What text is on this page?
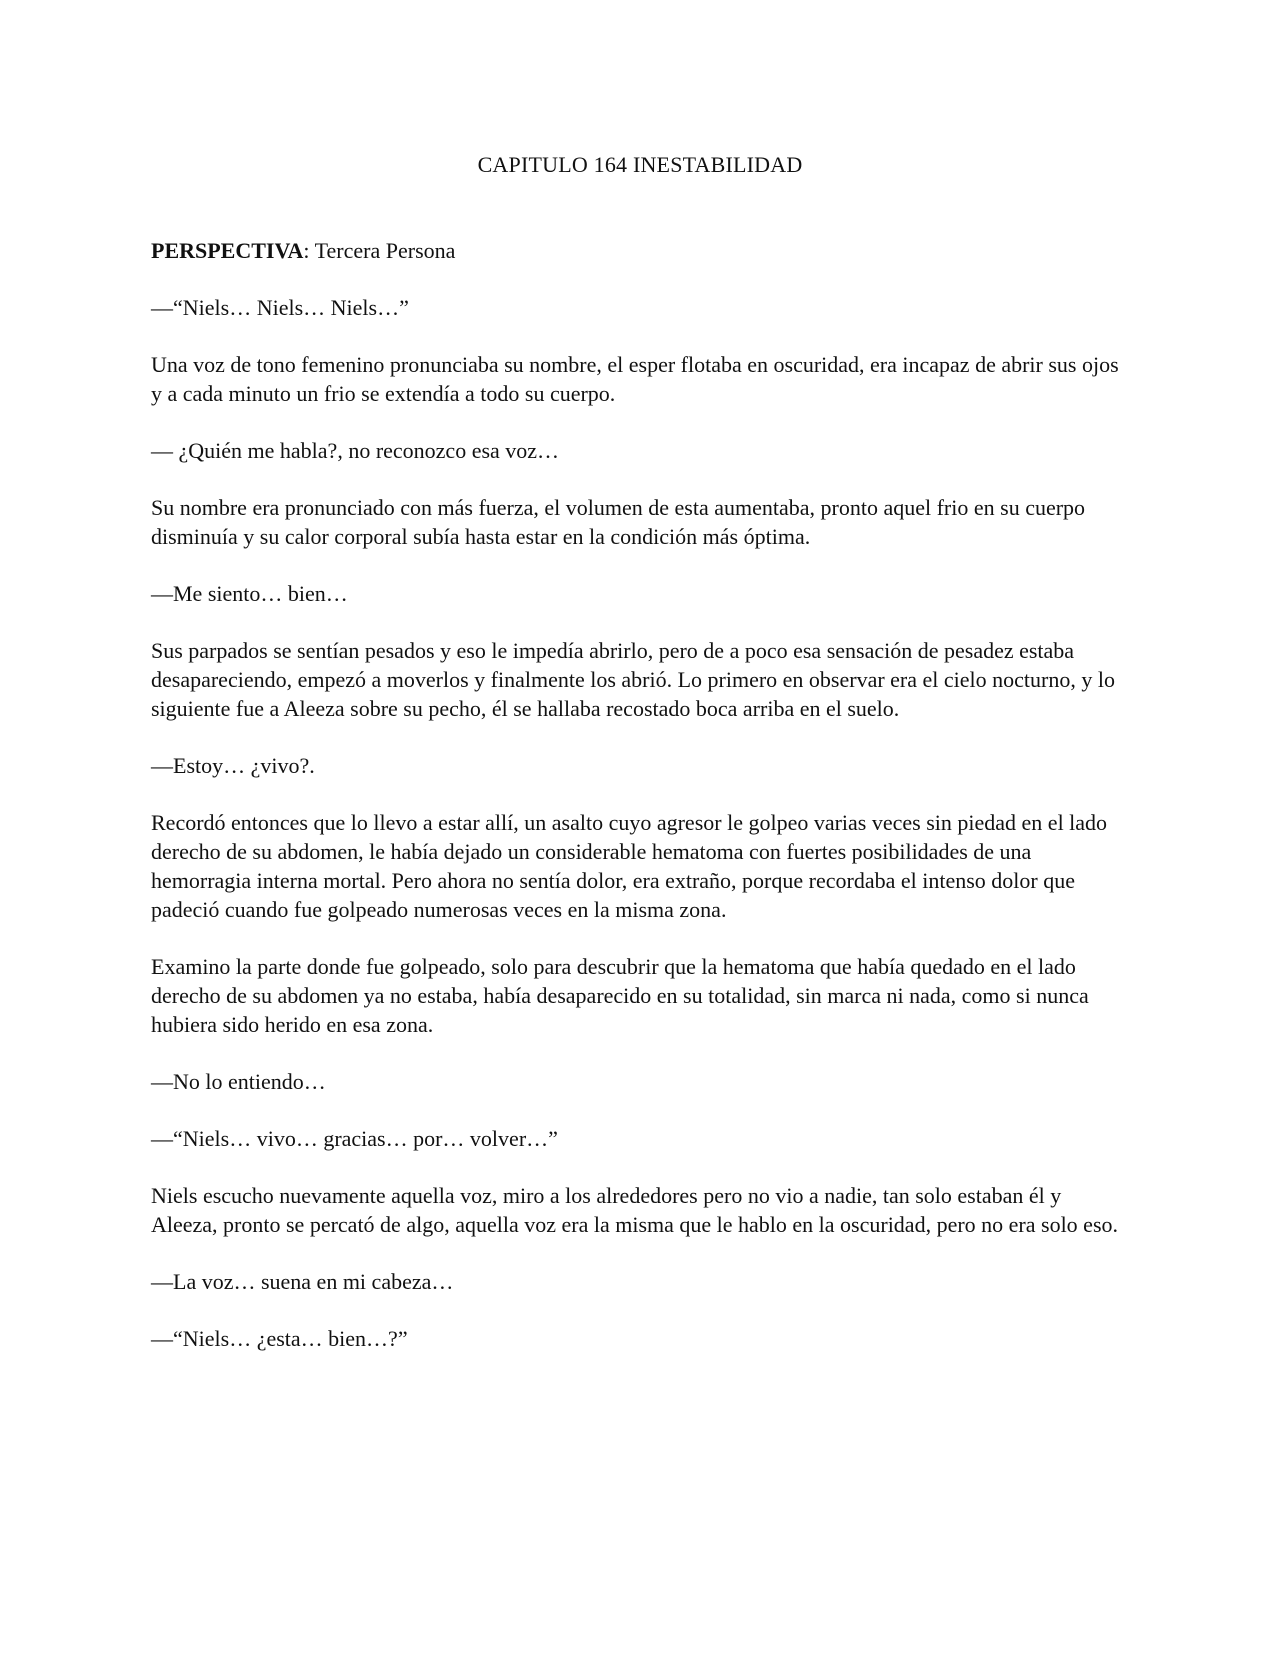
CAPITULO 164 INESTABILIDAD

PERSPECTIVA: Tercera Persona

—“Niels… Niels… Niels…”

Una voz de tono femenino pronunciaba su nombre, el esper flotaba en oscuridad, era incapaz de abrir sus ojos y a cada minuto un frio se extendía a todo su cuerpo.

— ¿Quién me habla?, no reconozco esa voz…

Su nombre era pronunciado con más fuerza, el volumen de esta aumentaba, pronto aquel frio en su cuerpo disminuía y su calor corporal subía hasta estar en la condición más óptima.

—Me siento… bien…

Sus parpados se sentían pesados y eso le impedía abrirlo, pero de a poco esa sensación de pesadez estaba desapareciendo, empezó a moverlos y finalmente los abrió. Lo primero en observar era el cielo nocturno, y lo siguiente fue a Aleeza sobre su pecho, él se hallaba recostado boca arriba en el suelo.

—Estoy… ¿vivo?.

Recordó entonces que lo llevo a estar allí, un asalto cuyo agresor le golpeo varias veces sin piedad en el lado derecho de su abdomen, le había dejado un considerable hematoma con fuertes posibilidades de una hemorragia interna mortal. Pero ahora no sentía dolor, era extraño, porque recordaba el intenso dolor que padeció cuando fue golpeado numerosas veces en la misma zona.

Examino la parte donde fue golpeado, solo para descubrir que la hematoma que había quedado en el lado derecho de su abdomen ya no estaba, había desaparecido en su totalidad, sin marca ni nada, como si nunca hubiera sido herido en esa zona.

—No lo entiendo…

—“Niels… vivo… gracias… por… volver…”

Niels escucho nuevamente aquella voz, miro a los alrededores pero no vio a nadie, tan solo estaban él y Aleeza, pronto se percató de algo, aquella voz era la misma que le hablo en la oscuridad, pero no era solo eso.

—La voz… suena en mi cabeza…

—“Niels… ¿esta… bien…?”
